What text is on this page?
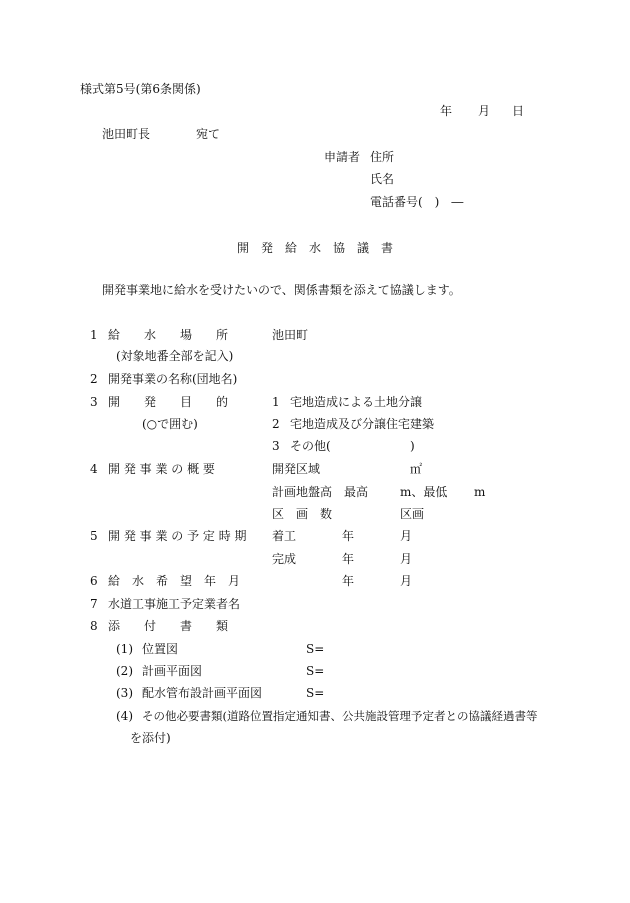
様式第5号(第6条関係)
年 月 日
池田町長	宛て
申請者 住所
氏名
電話番号(　)　―
開　発　給　水　協　議　書
開発事業地に給水を受けたいので、関係書類を添えて協議します。
1 給　　水　　場　　所	池田町
(対象地番全部を記入)
2 開発事業の名称(団地名)
3 開　　発　　目　　的
(○で囲む)
1 宅地造成による土地分譲
2 宅地造成及び分譲住宅建築
3 その他(	)
4 開 発 事 業 の 概 要	開発区域	㎡
計画地盤高　最高	m、最低 m
区　画　数	区画
5 開 発 事 業 の 予 定 時 期 着工	年	月
完成	年	月
6 給　水　希　望　年　月	年	月
7 水道工事施工予定業者名
8 添　　付　　書　　類
(1) 位置図	S=
(2) 計画平面図	S=
(3) 配水管布設計画平面図	S=
(4) その他必要書類(道路位置指定通知書、公共施設管理予定者との協議経過書等
を添付)
